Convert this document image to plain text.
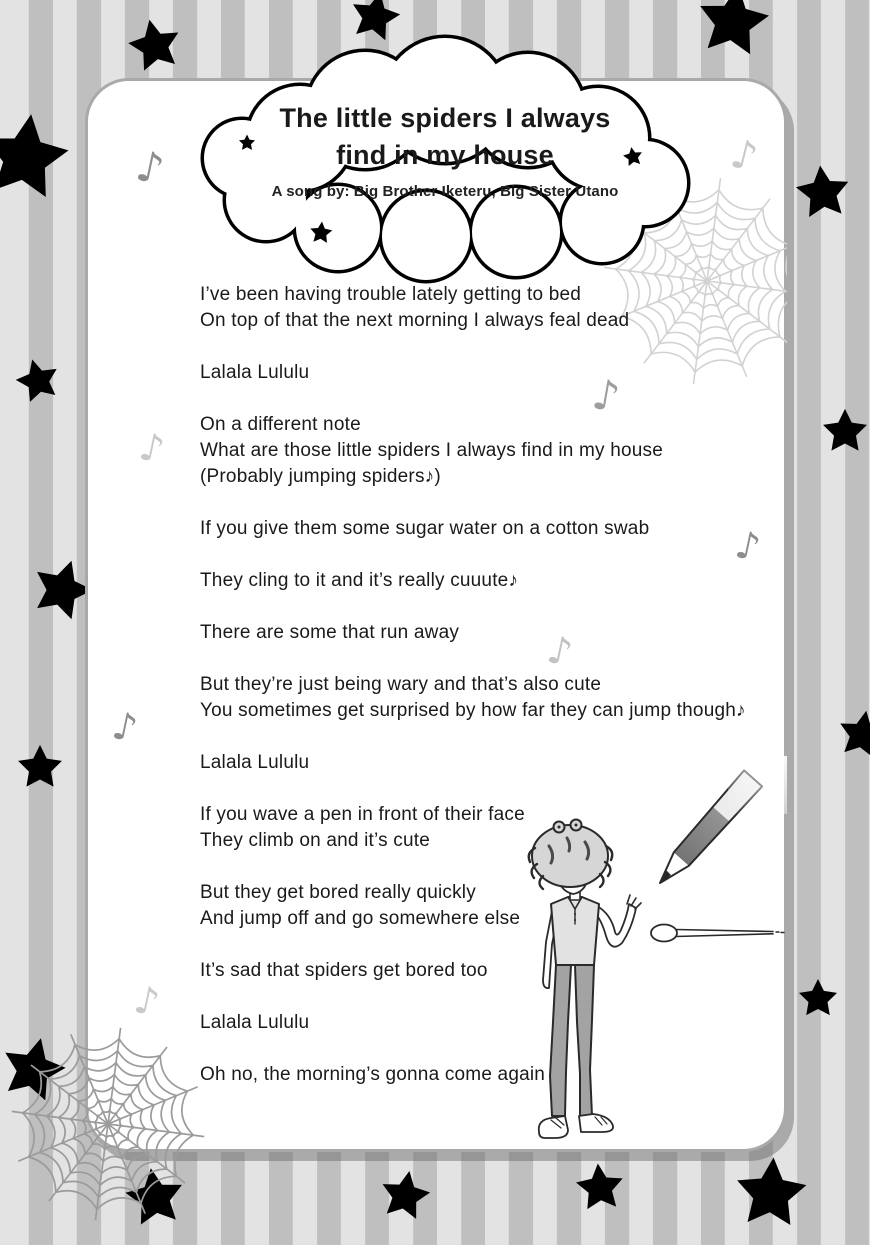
♪	♪
♪
♪
♪
♪
♪
♪

I’ve been having trouble lately getting to bed
On top of that the next morning I always feal dead

Lalala Lululu

On a different note
What are those little spiders I always find in my house
(Probably jumping spiders♪)

If you give them some sugar water on a cotton swab

They cling to it and it’s really cuuute♪

There are some that run away

But they’re just being wary and that’s also cute
You sometimes get surprised by how far they can jump though♪

Lalala Lululu

If you wave a pen in front of their face
They climb on and it’s cute

But they get bored really quickly
And jump off and go somewhere else

It’s sad that spiders get bored too

Lalala Lululu

Oh no, the morning’s gonna come again

The little spiders I always
find in my house
A song by: Big Brother Iketeru, Big Sister Utano
